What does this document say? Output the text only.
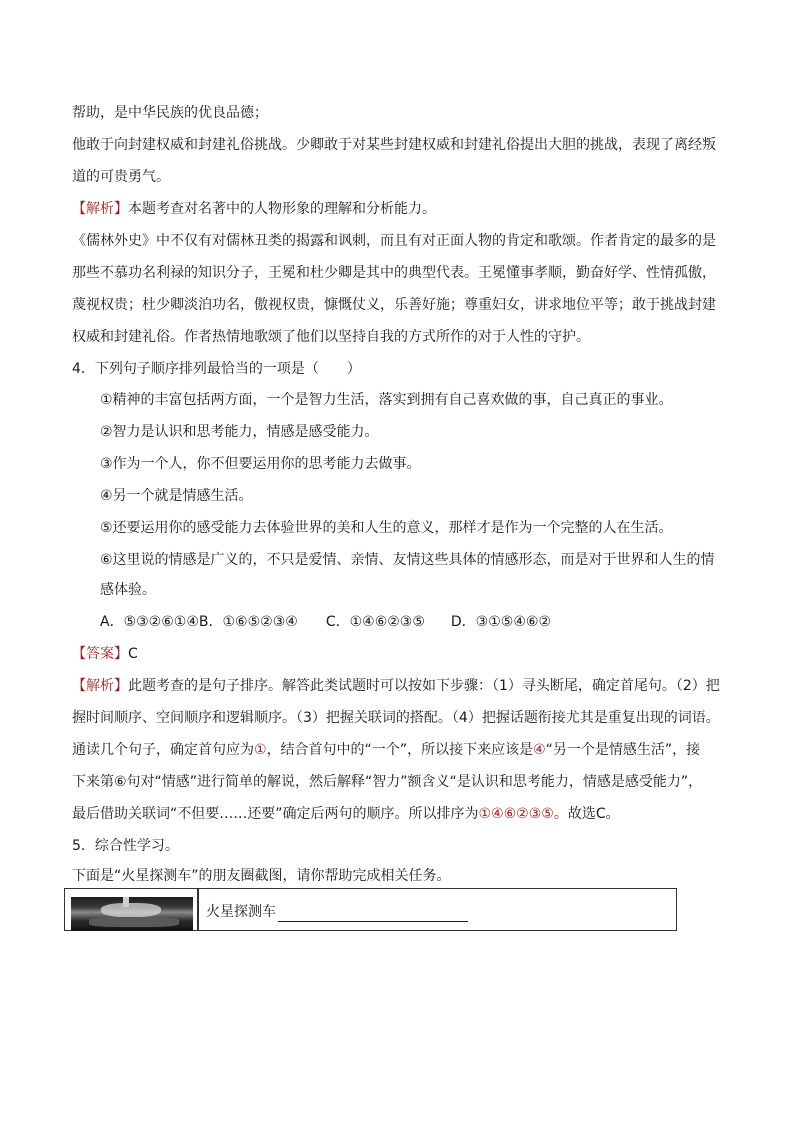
帮助，是中华民族的优良品德；
他敢于向封建权威和封建礼俗挑战。少卿敢于对某些封建权威和封建礼俗提出大胆的挑战，表现了离经叛
道的可贵勇气。
【解析】本题考查对名著中的人物形象的理解和分析能力。
《儒林外史》中不仅有对儒林丑类的揭露和讽刺，而且有对正面人物的肯定和歌颂。作者肯定的最多的是
那些不慕功名利禄的知识分子，王冕和杜少卿是其中的典型代表。王冕懂事孝顺，勤奋好学、性情孤傲，
蔑视权贵；杜少卿淡泊功名，傲视权贵，慷慨仗义，乐善好施；尊重妇女，讲求地位平等；敢于挑战封建
权威和封建礼俗。作者热情地歌颂了他们以坚持自我的方式所作的对于人性的守护。
4．下列句子顺序排列最恰当的一项是（　　）
①精神的丰富包括两方面，一个是智力生活，落实到拥有自己喜欢做的事，自己真正的事业。
②智力是认识和思考能力，情感是感受能力。
③作为一个人，你不但要运用你的思考能力去做事。
④另一个就是情感生活。
⑤还要运用你的感受能力去体验世界的美和人生的意义，那样才是作为一个完整的人在生活。
⑥这里说的情感是广义的，不只是爱情、亲情、友情这些具体的情感形态，而是对于世界和人生的情
感体验。
A．⑤③②⑥①④B．①⑥⑤②③④ C．①④⑥②③⑤ D．③①⑤④⑥②
【答案】C
【解析】此题考查的是句子排序。解答此类试题时可以按如下步骤：（1）寻头断尾，确定首尾句。（2）把
握时间顺序、空间顺序和逻辑顺序。（3）把握关联词的搭配。（4）把握话题衔接尤其是重复出现的词语。
通读几个句子，确定首句应为①，结合首句中的“一个”，所以接下来应该是④“另一个是情感生活”，接
下来第⑥句对“情感”进行简单的解说，然后解释“智力”额含义“是认识和思考能力，情感是感受能力”，
最后借助关联词“不但要……还要”确定后两句的顺序。所以排序为①④⑥②③⑤。故选C。
5．综合性学习。
下面是“火星探测车”的朋友圈截图，请你帮助完成相关任务。
火星探测车
